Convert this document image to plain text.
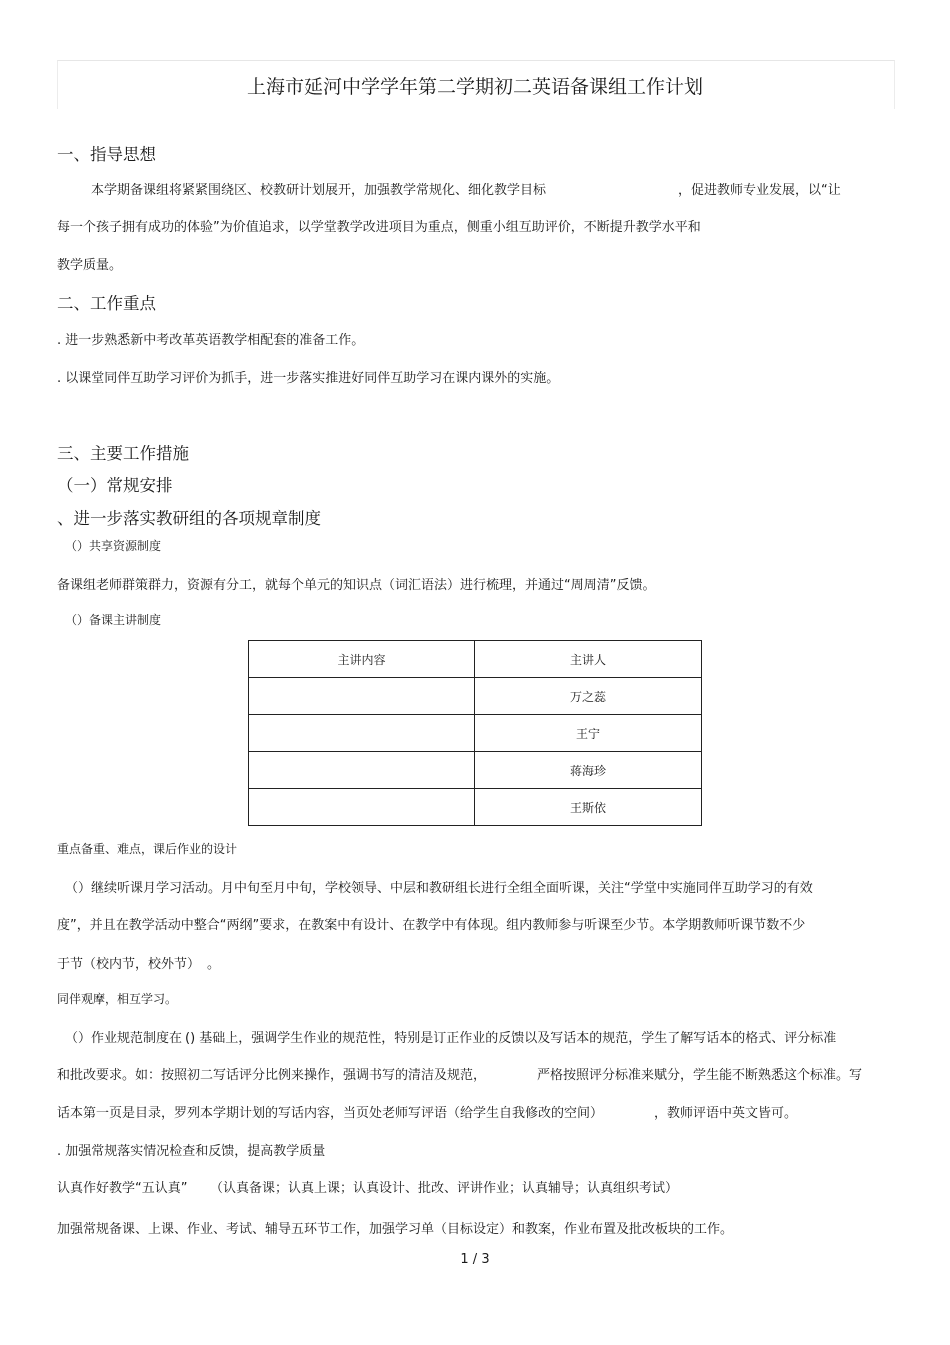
上海市延河中学学年第二学期初二英语备课组工作计划
一、指导思想
本学期备课组将紧紧围绕区、校教研计划展开，加强教学常规化、细化教学目标	，促进教师专业发展，以“让
每一个孩子拥有成功的体验”为价值追求，以学堂教学改进项目为重点，侧重小组互助评价，不断提升教学水平和
教学质量。
二、工作重点
. 进一步熟悉新中考改革英语教学相配套的准备工作。
. 以课堂同伴互助学习评价为抓手，进一步落实推进好同伴互助学习在课内课外的实施。
三、主要工作措施
（一）常规安排
、进一步落实教研组的各项规章制度
（）共享资源制度
备课组老师群策群力，资源有分工，就每个单元的知识点（词汇语法）进行梳理，并通过“周周清”反馈。
（）备课主讲制度
主讲内容	主讲人
	万之蕊
	王宁
	蒋海珍
	王斯依
重点备重、难点，课后作业的设计
（）继续听课月学习活动。月中旬至月中旬，学校领导、中层和教研组长进行全组全面听课，关注“学堂中实施同伴互助学习的有效
度”，并且在教学活动中整合“两纲”要求，在教案中有设计、在教学中有体现。组内教师参与听课至少节。本学期教师听课节数不少
于节（校内节，校外节） 。
同伴观摩，相互学习。
（）作业规范制度在 () 基础上，强调学生作业的规范性，特别是订正作业的反馈以及写话本的规范，学生了解写话本的格式、评分标准
和批改要求。如：按照初二写话评分比例来操作，强调书写的清洁及规范，	严格按照评分标准来赋分，学生能不断熟悉这个标准。写
话本第一页是目录，罗列本学期计划的写话内容，当页处老师写评语（给学生自我修改的空间）	，教师评语中英文皆可。
. 加强常规落实情况检查和反馈，提高教学质量
认真作好教学“五认真” （认真备课；认真上课；认真设计、批改、评讲作业；认真辅导；认真组织考试）
加强常规备课、上课、作业、考试、辅导五环节工作，加强学习单（目标设定）和教案，作业布置及批改板块的工作。
1 / 3
